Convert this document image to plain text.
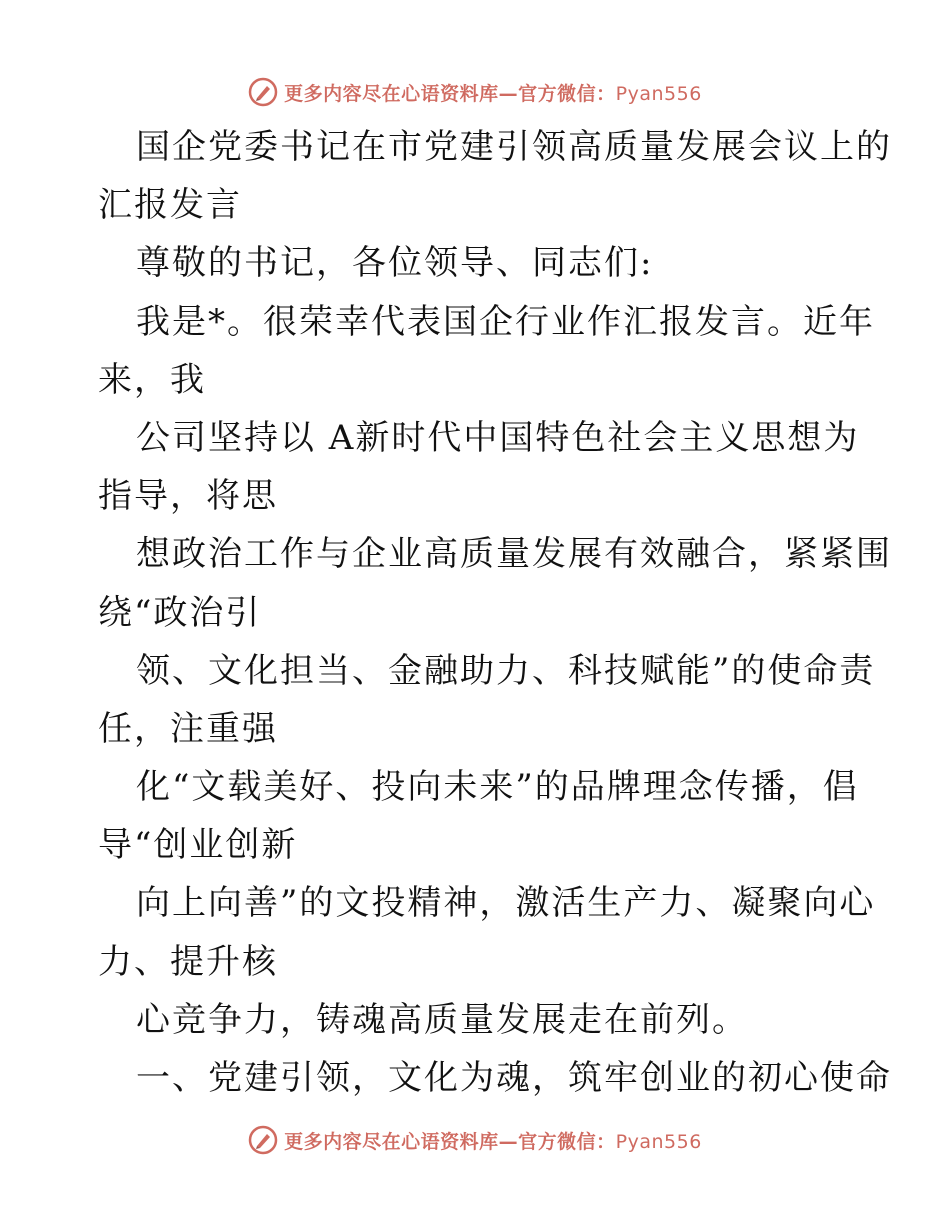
更多内容尽在心语资料库—官方微信：Pyan556
国企党委书记在市党建引领高质量发展会议上的
汇报发言
尊敬的书记，各位领导、同志们:
我是*。很荣幸代表国企行业作汇报发言。近年
来，我
公司坚持以 A新时代中国特色社会主义思想为
指导，将思
想政治工作与企业高质量发展有效融合，紧紧围
绕“政治引
领、文化担当、金融助力、科技赋能”的使命责
任，注重强
化“文载美好、投向未来”的品牌理念传播，倡
导“创业创新
向上向善”的文投精神，激活生产力、凝聚向心
力、提升核
心竞争力，铸魂高质量发展走在前列。
一、党建引领，文化为魂，筑牢创业的初心使命
更多内容尽在心语资料库—官方微信：Pyan556
